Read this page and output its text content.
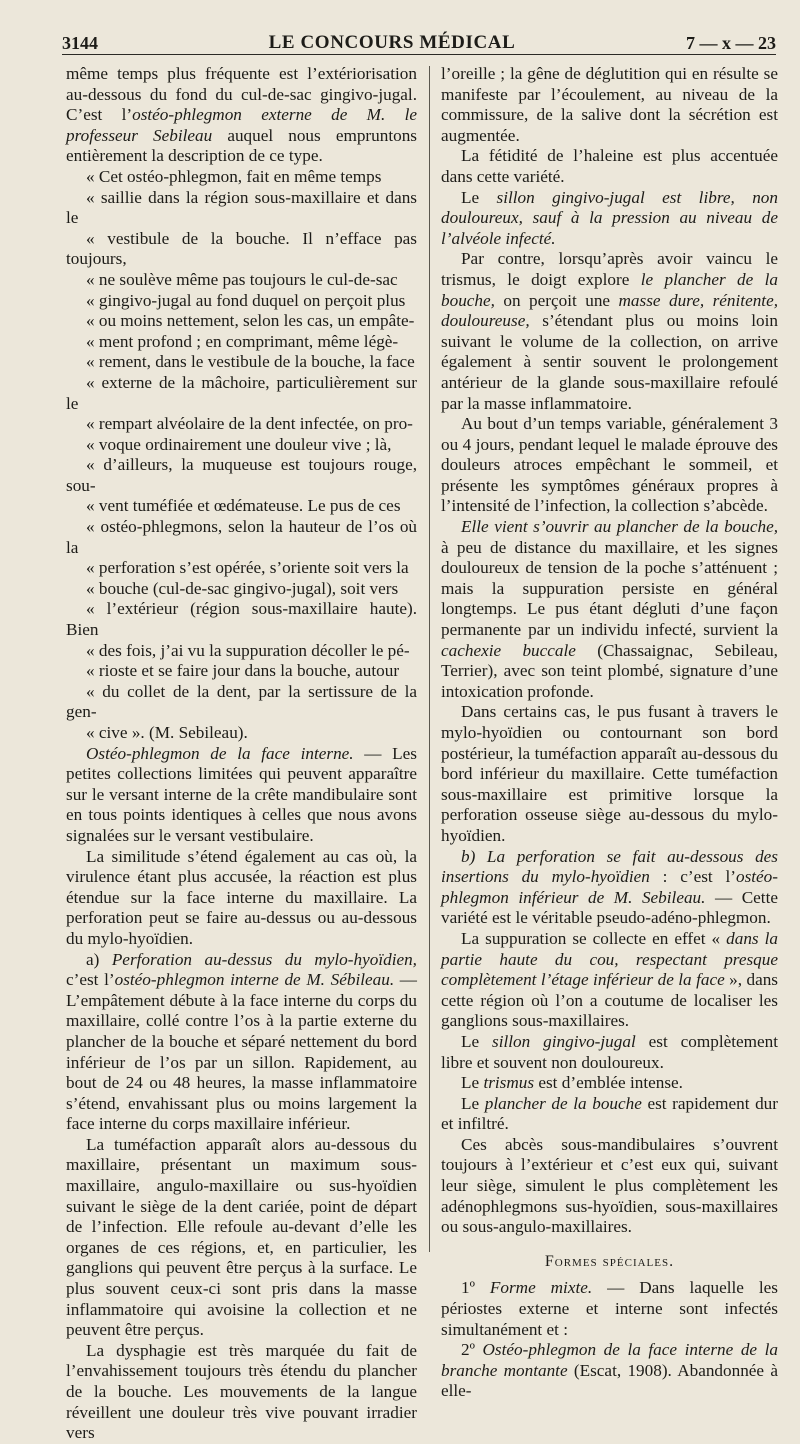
3144	LE CONCOURS MÉDICAL	7 — x — 23

même temps plus fréquente est l’extériorisation au-dessous du fond du cul-de-sac gingivo-jugal. C’est l’ostéo-phlegmon externe de M. le professeur Sebileau auquel nous empruntons entièrement la description de ce type.

« Cet ostéo-phlegmon, fait en même temps
« saillie dans la région sous-maxillaire et dans le
« vestibule de la bouche. Il n’efface pas toujours,
« ne soulève même pas toujours le cul-de-sac
« gingivo-jugal au fond duquel on perçoit plus
« ou moins nettement, selon les cas, un empâte-
« ment profond ; en comprimant, même légè-
« rement, dans le vestibule de la bouche, la face
« externe de la mâchoire, particulièrement sur le
« rempart alvéolaire de la dent infectée, on pro-
« voque ordinairement une douleur vive ; là,
« d’ailleurs, la muqueuse est toujours rouge, sou-
« vent tuméfiée et œdémateuse. Le pus de ces
« ostéo-phlegmons, selon la hauteur de l’os où la
« perforation s’est opérée, s’oriente soit vers la
« bouche (cul-de-sac gingivo-jugal), soit vers
« l’extérieur (région sous-maxillaire haute). Bien
« des fois, j’ai vu la suppuration décoller le pé-
« rioste et se faire jour dans la bouche, autour
« du collet de la dent, par la sertissure de la gen-
« cive ». (M. Sebileau).

Ostéo-phlegmon de la face interne. — Les petites collections limitées qui peuvent apparaître sur le versant interne de la crête mandibulaire sont en tous points identiques à celles que nous avons signalées sur le versant vestibulaire.

La similitude s’étend également au cas où, la virulence étant plus accusée, la réaction est plus étendue sur la face interne du maxillaire. La perforation peut se faire au-dessus ou au-dessous du mylo-hyoïdien.

a) Perforation au-dessus du mylo-hyoïdien, c’est l’ostéo-phlegmon interne de M. Sébileau. — L’empâtement débute à la face interne du corps du maxillaire, collé contre l’os à la partie externe du plancher de la bouche et séparé nettement du bord inférieur de l’os par un sillon. Rapidement, au bout de 24 ou 48 heures, la masse inflammatoire s’étend, envahissant plus ou moins largement la face interne du corps maxillaire inférieur.

La tuméfaction apparaît alors au-dessous du maxillaire, présentant un maximum sous-maxillaire, angulo-maxillaire ou sus-hyoïdien suivant le siège de la dent cariée, point de départ de l’infection. Elle refoule au-devant d’elle les organes de ces régions, et, en particulier, les ganglions qui peuvent être perçus à la surface. Le plus souvent ceux-ci sont pris dans la masse inflammatoire qui avoisine la collection et ne peuvent être perçus.

La dysphagie est très marquée du fait de l’envahissement toujours très étendu du plancher de la bouche. Les mouvements de la langue réveillent une douleur très vive pouvant irradier vers

l’oreille ; la gêne de déglutition qui en résulte se manifeste par l’écoulement, au niveau de la commissure, de la salive dont la sécrétion est augmentée.

La fétidité de l’haleine est plus accentuée dans cette variété.

Le sillon gingivo-jugal est libre, non douloureux, sauf à la pression au niveau de l’alvéole infecté.

Par contre, lorsqu’après avoir vaincu le trismus, le doigt explore le plancher de la bouche, on perçoit une masse dure, rénitente, douloureuse, s’étendant plus ou moins loin suivant le volume de la collection, on arrive également à sentir souvent le prolongement antérieur de la glande sous-maxillaire refoulé par la masse inflammatoire.

Au bout d’un temps variable, généralement 3 ou 4 jours, pendant lequel le malade éprouve des douleurs atroces empêchant le sommeil, et présente les symptômes généraux propres à l’intensité de l’infection, la collection s’abcède.

Elle vient s’ouvrir au plancher de la bouche, à peu de distance du maxillaire, et les signes douloureux de tension de la poche s’atténuent ; mais la suppuration persiste en général longtemps. Le pus étant dégluti d’une façon permanente par un individu infecté, survient la cachexie buccale (Chassaignac, Sebileau, Terrier), avec son teint plombé, signature d’une intoxication profonde.

Dans certains cas, le pus fusant à travers le mylo-hyoïdien ou contournant son bord postérieur, la tuméfaction apparaît au-dessous du bord inférieur du maxillaire. Cette tuméfaction sous-maxillaire est primitive lorsque la perforation osseuse siège au-dessous du mylo-hyoïdien.

b) La perforation se fait au-dessous des insertions du mylo-hyoïdien : c’est l’ostéo-phlegmon inférieur de M. Sebileau. — Cette variété est le véritable pseudo-adéno-phlegmon.

La suppuration se collecte en effet « dans la partie haute du cou, respectant presque complètement l’étage inférieur de la face », dans cette région où l’on a coutume de localiser les ganglions sous-maxillaires.

Le sillon gingivo-jugal est complètement libre et souvent non douloureux.

Le trismus est d’emblée intense.

Le plancher de la bouche est rapidement dur et infiltré.

Ces abcès sous-mandibulaires s’ouvrent toujours à l’extérieur et c’est eux qui, suivant leur siège, simulent le plus complètement les adénophlegmons sus-hyoïdien, sous-maxillaires ou sous-angulo-maxillaires.

Formes spéciales.

1º Forme mixte. — Dans laquelle les périostes externe et interne sont infectés simultanément et :

2º Ostéo-phlegmon de la face interne de la branche montante (Escat, 1908). Abandonnée à elle-
